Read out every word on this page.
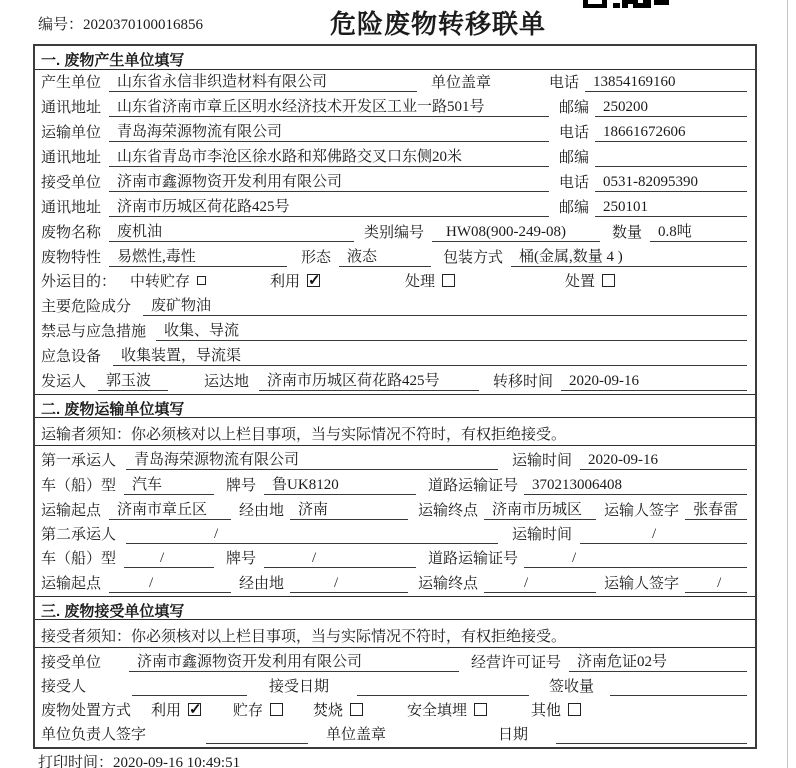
编号：2020370100016856	危险废物转移联单
一. 废物产生单位填写
产生单位	山东省永信非织造材料有限公司	单位盖章	电话 13854169160
通讯地址	山东省济南市章丘区明水经济技术开发区工业一路501号	邮编 250200
运输单位	青岛海荣源物流有限公司	电话 18661672606
通讯地址	山东省青岛市李沧区徐水路和郑佛路交叉口东侧20米	邮编
接受单位	济南市鑫源物资开发利用有限公司	电话 0531-82095390
通讯地址	济南市历城区荷花路425号	邮编 250101
废物名称	废机油	类别编号	HW08(900-249-08)	数量	0.8吨
废物特性	易燃性,毒性	形态	液态	包装方式	桶(金属,数量 4 )
外运目的： 中转贮存	利用 ✓	处理	处置
主要危险成分	废矿物油
禁忌与应急措施	收集、导流
应急设备	收集装置，导流渠
发运人	郭玉波	运达地	济南市历城区荷花路425号	转移时间	2020-09-16
二. 废物运输单位填写
运输者须知：你必须核对以上栏目事项，当与实际情况不符时，有权拒绝接受。
第一承运人	青岛海荣源物流有限公司	运输时间	2020-09-16
车（船）型	汽车	牌号	鲁UK8120	道路运输证号 370213006408
运输起点	济南市章丘区	经由地 济南	运输终点 济南市历城区	运输人签字 张春雷
第二承运人	/	运输时间	/
车（船）型	/	牌号	/	道路运输证号	/
运输起点	/	经由地	/	运输终点	/	运输人签字	/
三. 废物接受单位填写
接受者须知：你必须核对以上栏目事项，当与实际情况不符时，有权拒绝接受。
接受单位	济南市鑫源物资开发利用有限公司	经营许可证号	济南危证02号
接受人	接受日期	签收量
废物处置方式 利用 ✓	贮存	焚烧	安全填埋	其他
单位负责人签字	单位盖章	日期
打印时间：2020-09-16 10:49:51
